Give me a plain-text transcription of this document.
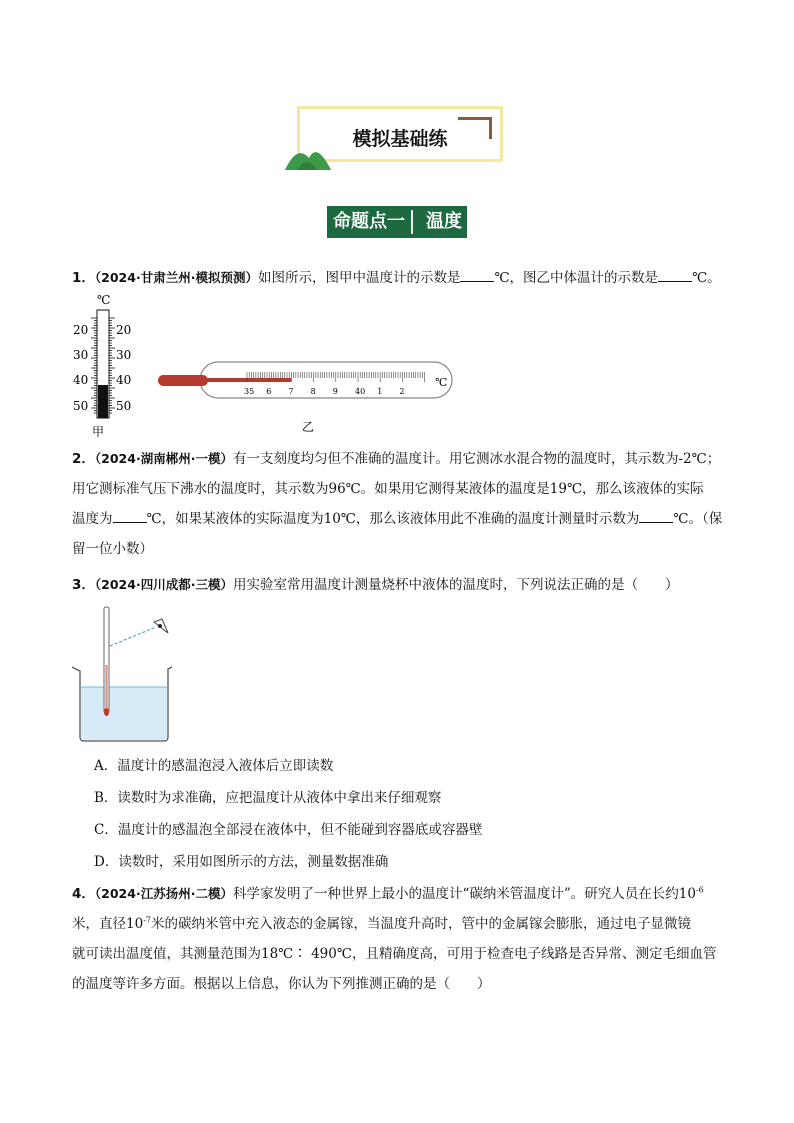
模拟基础练
命题点一 温度
1．（2024·甘肃兰州·模拟预测）如图所示，图甲中温度计的示数是	℃，图乙中体温计的示数是	℃。
℃
20
30
40
50
20
30
40
50
甲
35 6 7 8 9 40 1 2
℃
乙
2．（2024·湖南郴州·一模）有一支刻度均匀但不准确的温度计。用它测冰水混合物的温度时，其示数为-2℃；
用它测标准气压下沸水的温度时，其示数为96℃。如果用它测得某液体的温度是19℃，那么该液体的实际
温度为	℃，如果某液体的实际温度为10℃，那么该液体用此不准确的温度计测量时示数为	℃。（保
留一位小数）
3．（2024·四川成都·三模）用实验室常用温度计测量烧杯中液体的温度时，下列说法正确的是（　　）
A．温度计的感温泡浸入液体后立即读数
B．读数时为求准确，应把温度计从液体中拿出来仔细观察
C．温度计的感温泡全部浸在液体中，但不能碰到容器底或容器壁
D．读数时，采用如图所示的方法，测量数据准确
4．（2024·江苏扬州·二模）科学家发明了一种世界上最小的温度计“碳纳米管温度计”。研究人员在长约$10^{-6}$
米，直径$10^{-7}$米的碳纳米管中充入液态的金属镓，当温度升高时，管中的金属镓会膨胀，通过电子显微镜
就可读出温度值，其测量范围为18℃∶ 490℃，且精确度高，可用于检查电子线路是否异常、测定毛细血管
的温度等许多方面。根据以上信息，你认为下列推测正确的是（　　）
